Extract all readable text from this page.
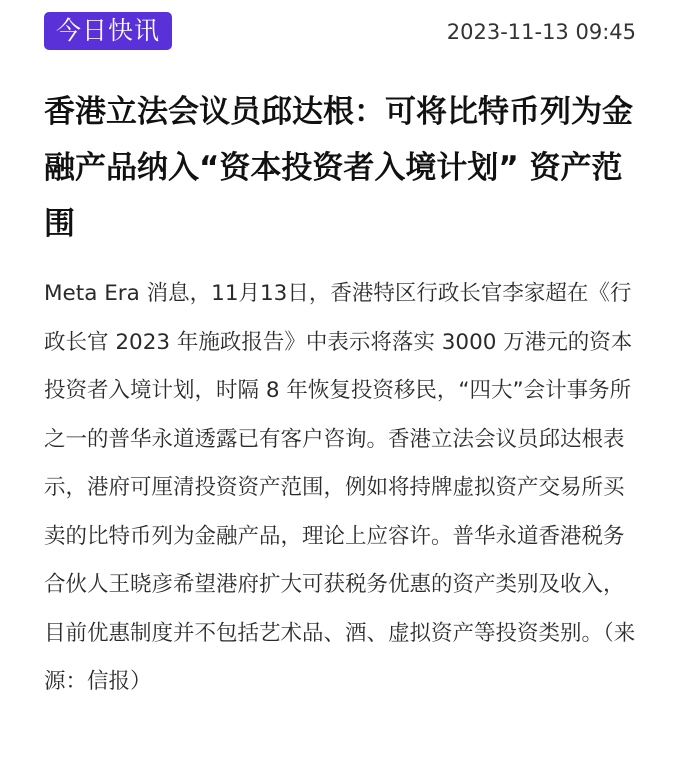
今日快讯	2023-11-13 09:45
香港立法会议员邱达根：可将比特币列为金融产品纳入“资本投资者入境计划” 资产范围

Meta Era 消息，11月13日，香港特区行政长官李家超在《行政长官 2023 年施政报告》中表示将落实 3000 万港元的资本投资者入境计划，时隔 8 年恢复投资移民，“四大”会计事务所之一的普华永道透露已有客户咨询。香港立法会议员邱达根表示，港府可厘清投资资产范围，例如将持牌虚拟资产交易所买卖的比特币列为金融产品，理论上应容许。普华永道香港税务合伙人王晓彦希望港府扩大可获税务优惠的资产类别及收入，目前优惠制度并不包括艺术品、酒、虚拟资产等投资类别。（来源：信报）
